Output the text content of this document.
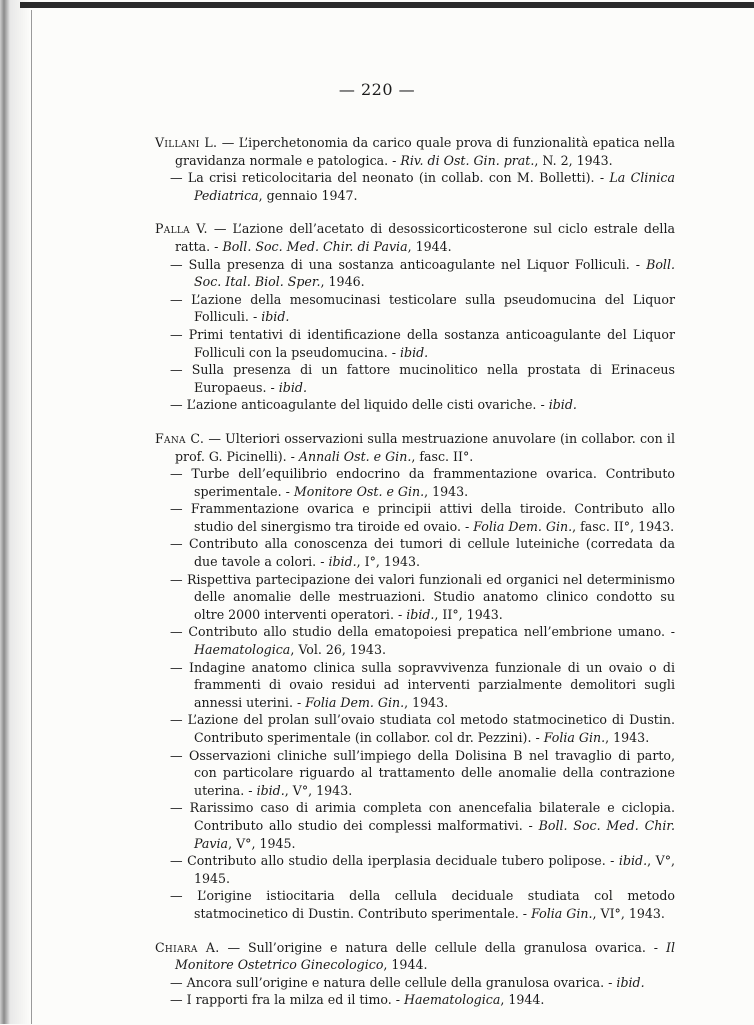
— 220 —

Villani L. — L’iperchetonomia da carico quale prova di funzionalità epatica nella gravidanza normale e patologica. - Riv. di Ost. Gin. prat., N. 2, 1943.

— La crisi reticolocitaria del neonato (in collab. con M. Bolletti). - La Clinica Pediatrica, gennaio 1947.

Palla V. — L’azione dell’acetato di desossicorticosterone sul ciclo estrale della ratta. - Boll. Soc. Med. Chir. di Pavia, 1944.

— Sulla presenza di una sostanza anticoagulante nel Liquor Folliculi. - Boll. Soc. Ital. Biol. Sper., 1946.

— L’azione della mesomucinasi testicolare sulla pseudomucina del Liquor Folliculi. - ibid.

— Primi tentativi di identificazione della sostanza anticoagulante del Liquor Folliculi con la pseudomucina. - ibid.

— Sulla presenza di un fattore mucinolitico nella prostata di Erinaceus Europaeus. - ibid.

— L’azione anticoagulante del liquido delle cisti ovariche. - ibid.

Fana C. — Ulteriori osservazioni sulla mestruazione anuvolare (in collabor. con il prof. G. Picinelli). - Annali Ost. e Gin., fasc. II°.

— Turbe dell’equilibrio endocrino da frammentazione ovarica. Contributo sperimentale. - Monitore Ost. e Gin., 1943.

— Frammentazione ovarica e principii attivi della tiroide. Contributo allo studio del sinergismo tra tiroide ed ovaio. - Folia Dem. Gin., fasc. II°, 1943.

— Contributo alla conoscenza dei tumori di cellule luteiniche (corredata da due tavole a colori. - ibid., I°, 1943.

— Rispettiva partecipazione dei valori funzionali ed organici nel determinismo delle anomalie delle mestruazioni. Studio anatomo clinico condotto su oltre 2000 interventi operatori. - ibid., II°, 1943.

— Contributo allo studio della ematopoiesi prepatica nell’embrione umano. - Haematologica, Vol. 26, 1943.

— Indagine anatomo clinica sulla sopravvivenza funzionale di un ovaio o di frammenti di ovaio residui ad interventi parzialmente demolitori sugli annessi uterini. - Folia Dem. Gin., 1943.

— L’azione del prolan sull’ovaio studiata col metodo statmocinetico di Dustin. Contributo sperimentale (in collabor. col dr. Pezzini). - Folia Gin., 1943.

— Osservazioni cliniche sull’impiego della Dolisina B nel travaglio di parto, con particolare riguardo al trattamento delle anomalie della contrazione uterina. - ibid., V°, 1943.

— Rarissimo caso di arimia completa con anencefalia bilaterale e ciclopia. Contributo allo studio dei complessi malformativi. - Boll. Soc. Med. Chir. Pavia, V°, 1945.

— Contributo allo studio della iperplasia deciduale tubero polipose. - ibid., V°, 1945.

— L’origine istiocitaria della cellula deciduale studiata col metodo statmocinetico di Dustin. Contributo sperimentale. - Folia Gin., VI°, 1943.

Chiara A. — Sull’origine e natura delle cellule della granulosa ovarica. - Il Monitore Ostetrico Ginecologico, 1944.

— Ancora sull’origine e natura delle cellule della granulosa ovarica. - ibid.

— I rapporti fra la milza ed il timo. - Haematologica, 1944.
